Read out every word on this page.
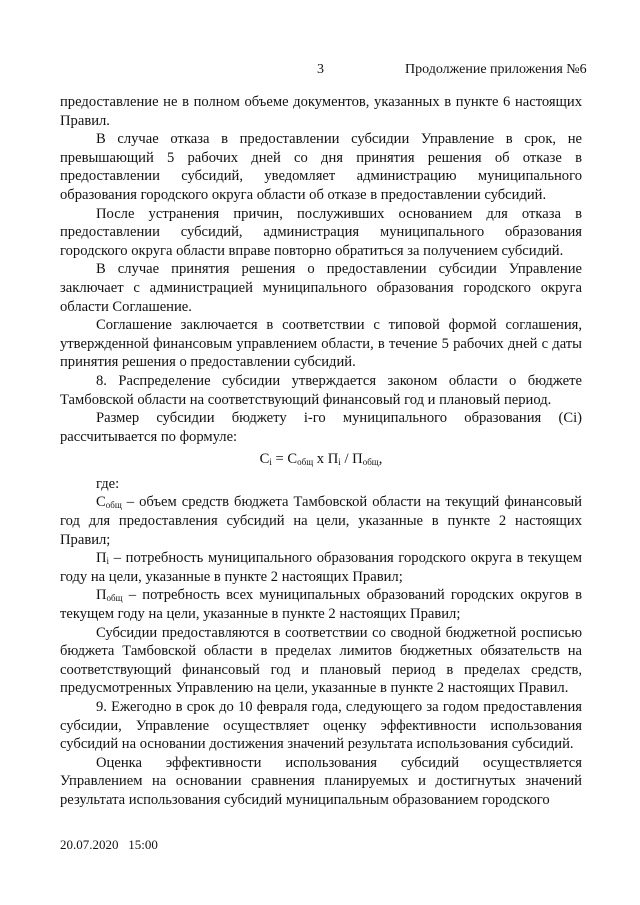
3	Продолжение приложения №6

предоставление не в полном объеме документов, указанных в пункте 6 настоящих Правил.

В случае отказа в предоставлении субсидии Управление в срок, не превышающий 5 рабочих дней со дня принятия решения об отказе в предоставлении субсидий, уведомляет администрацию муниципального образования городского округа области об отказе в предоставлении субсидий.

После устранения причин, послуживших основанием для отказа в предоставлении субсидий, администрация муниципального образования городского округа области вправе повторно обратиться за получением субсидий.

В случае принятия решения о предоставлении субсидии Управление заключает с администрацией муниципального образования городского округа области Соглашение.

Соглашение заключается в соответствии с типовой формой соглашения, утвержденной финансовым управлением области, в течение 5 рабочих дней с даты принятия решения о предоставлении субсидий.

8. Распределение субсидии утверждается законом области о бюджете Тамбовской области на соответствующий финансовый год и плановый период.

Размер субсидии бюджету i-го муниципального образования (Ci) рассчитывается по формуле:

$C_i = C_{общ}$ x $П_i / П_{общ}$,

где:

$C_{общ}$ – объем средств бюджета Тамбовской области на текущий финансовый год для предоставления субсидий на цели, указанные в пункте 2 настоящих Правил;

$П_i$ – потребность муниципального образования городского округа в текущем году на цели, указанные в пункте 2 настоящих Правил;

$П_{общ}$ – потребность всех муниципальных образований городских округов в текущем году на цели, указанные в пункте 2 настоящих Правил;

Субсидии предоставляются в соответствии со сводной бюджетной росписью бюджета Тамбовской области в пределах лимитов бюджетных обязательств на соответствующий финансовый год и плановый период в пределах средств, предусмотренных Управлению на цели, указанные в пункте 2 настоящих Правил.

9. Ежегодно в срок до 10 февраля года, следующего за годом предоставления субсидии, Управление осуществляет оценку эффективности использования субсидий на основании достижения значений результата использования субсидий.

Оценка эффективности использования субсидий осуществляется Управлением на основании сравнения планируемых и достигнутых значений результата использования субсидий муниципальным образованием городского

20.07.2020 15:00
